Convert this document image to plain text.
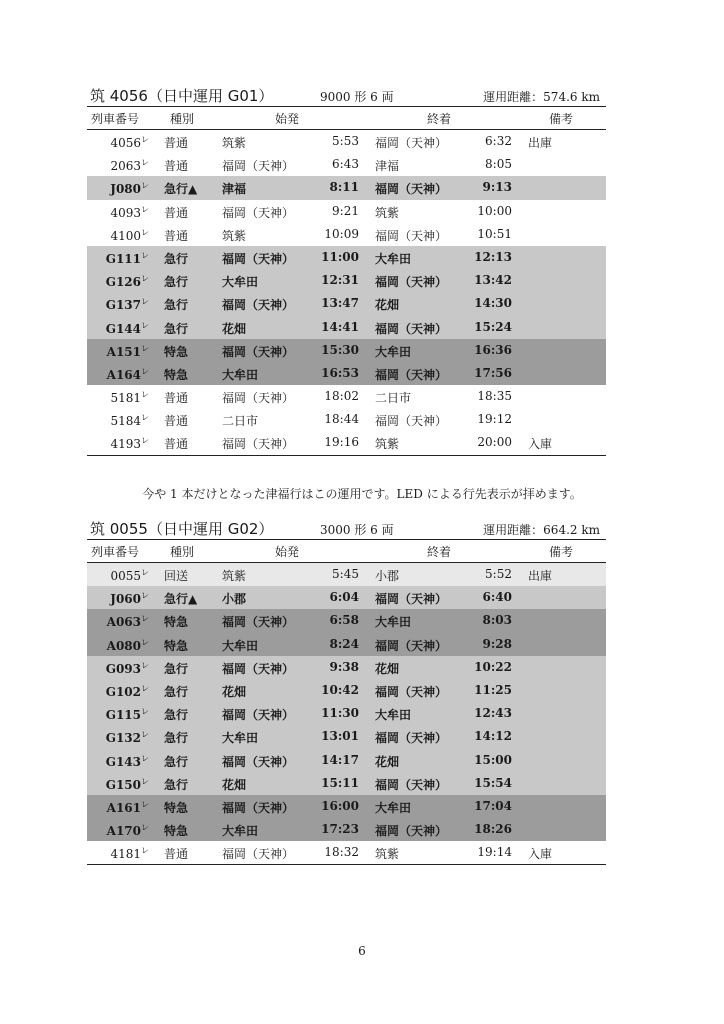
筑 4056（日中運用 G01）	9000 形 6 両	運用距離：574.6 km
列車番号	種別	始発	終着	備考
$4056^レ$ 普通	筑紫	5:53 福岡（天神）	6:32 出庫
$2063^レ$ 普通	福岡（天神）	6:43 津福	8:05
$J080^レ$ 急行▲ 津福	8:11 福岡（天神）	9:13
$4093^レ$ 普通	福岡（天神）	9:21 筑紫	10:00
$4100^レ$ 普通	筑紫	10:09 福岡（天神）	10:51
$G111^レ$ 急行	福岡（天神） 11:00 大牟田	12:13
$G126^レ$ 急行	大牟田	12:31 福岡（天神） 13:42
$G137^レ$ 急行	福岡（天神） 13:47 花畑	14:30
$G144^レ$ 急行	花畑	14:41 福岡（天神） 15:24
$A151^レ$ 特急	福岡（天神） 15:30 大牟田	16:36
$A164^レ$ 特急	大牟田	16:53 福岡（天神） 17:56
$5181^レ$ 普通	福岡（天神）	18:02 二日市	18:35
$5184^レ$ 普通	二日市	18:44 福岡（天神）	19:12
$4193^レ$ 普通	福岡（天神）	19:16 筑紫	20:00 入庫
今や 1 本だけとなった津福行はこの運用です。LED による行先表示が拝めます。
筑 0055（日中運用 G02）	3000 形 6 両	運用距離：664.2 km
列車番号	種別	始発	終着	備考
$0055^レ$ 回送	筑紫	5:45 小郡	5:52 出庫
$J060^レ$ 急行▲ 小郡	6:04 福岡（天神）	6:40
$A063^レ$ 特急	福岡（天神）	6:58 大牟田	8:03
$A080^レ$ 特急	大牟田	8:24 福岡（天神）	9:28
$G093^レ$ 急行	福岡（天神）	9:38 花畑	10:22
$G102^レ$ 急行	花畑	10:42 福岡（天神） 11:25
$G115^レ$ 急行	福岡（天神） 11:30 大牟田	12:43
$G132^レ$ 急行	大牟田	13:01 福岡（天神） 14:12
$G143^レ$ 急行	福岡（天神） 14:17 花畑	15:00
$G150^レ$ 急行	花畑	15:11 福岡（天神） 15:54
$A161^レ$ 特急	福岡（天神） 16:00 大牟田	17:04
$A170^レ$ 特急	大牟田	17:23 福岡（天神） 18:26
$4181^レ$ 普通	福岡（天神）	18:32 筑紫	19:14 入庫
6
